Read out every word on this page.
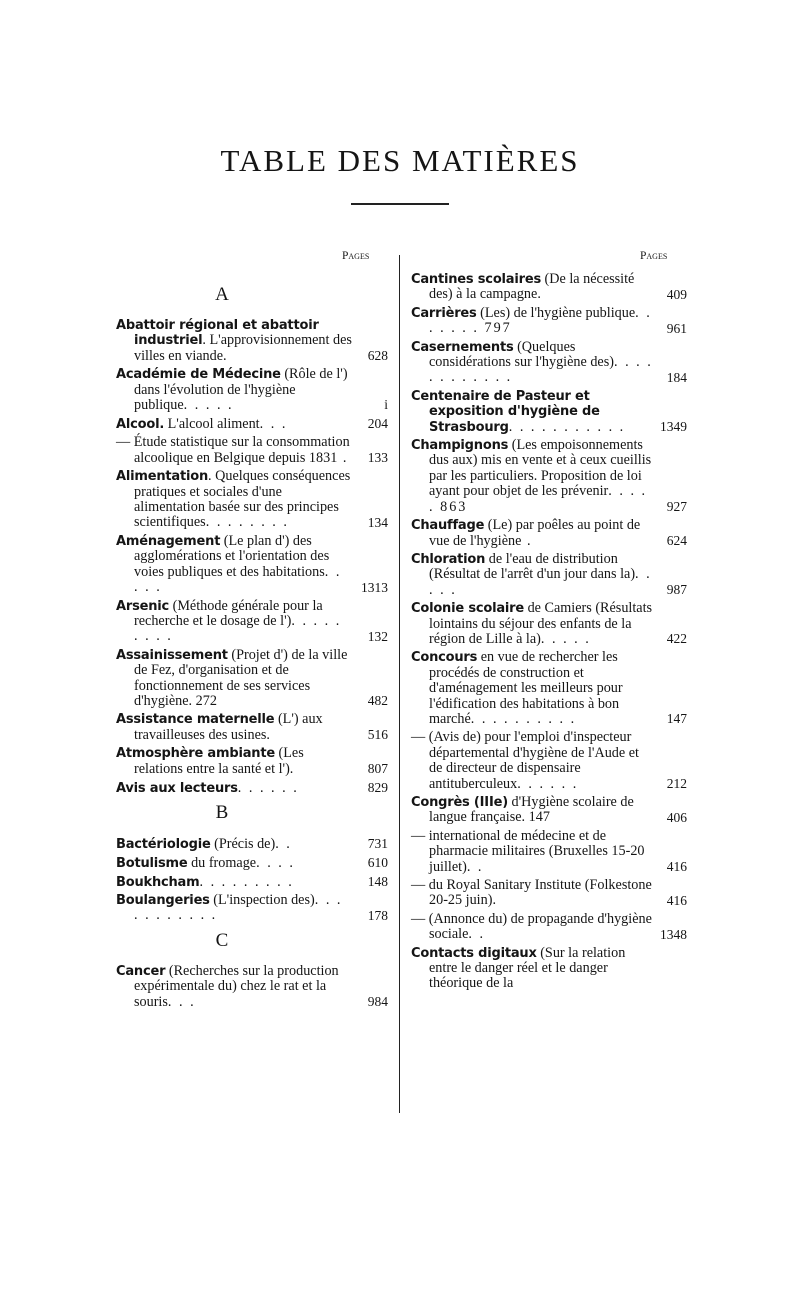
TABLE DES MATIÈRES
Pages	Pages
A
Abattoir régional et abattoir industriel. L'approvisionnement des villes en viande.	628
Académie de Médecine (Rôle de l') dans l'évolution de l'hygiène publique. . . . .	i
Alcool. L'alcool aliment. . .	204
— Étude statistique sur la consommation alcoolique en Belgique depuis 1831 .	133
Alimentation. Quelques conséquences pratiques et sociales d'une alimentation basée sur des principes scientifiques. . . . . . . .	134
Aménagement (Le plan d') des agglomérations et l'orientation des voies publiques et des habitations. . . . .	1313
Arsenic (Méthode générale pour la recherche et le dosage de l'). . . . . . . . .	132
Assainissement (Projet d') de la ville de Fez, d'organisation et de fonctionnement de ses services d'hygiène. 272	482
Assistance maternelle (L') aux travailleuses des usines.	516
Atmosphère ambiante (Les relations entre la santé et l').	807
Avis aux lecteurs. . . . . .	829
B
Bactériologie (Précis de). .	731
Botulisme du fromage. . . .	610
Boukhcham. . . . . . . . .	148
Boulangeries (L'inspection des). . . . . . . . . . .	178
C
Cancer (Recherches sur la production expérimentale du) chez le rat et la souris. . .	984
Cantines scolaires (De la nécessité des) à la campagne.	409
Carrières (Les) de l'hygiène publique. . . . . . . 797	961
Casernements (Quelques considérations sur l'hygiène des). . . . . . . . . . . .	184
Centenaire de Pasteur et exposition d'hygiène de Strasbourg. . . . . . . . . . .	1349
Champignons (Les empoisonnements dus aux) mis en vente et à ceux cueillis par les particuliers. Proposition de loi ayant pour objet de les prévenir. . . . . 863	927
Chauffage (Le) par poêles au point de vue de l'hygiène .	624
Chloration de l'eau de distribution (Résultat de l'arrêt d'un jour dans la). . . . .	987
Colonie scolaire de Camiers (Résultats lointains du séjour des enfants de la région de Lille à la). . . . .	422
Concours en vue de rechercher les procédés de construction et d'aménagement les meilleurs pour l'édification des habitations à bon marché. . . . . . . . . .	147
— (Avis de) pour l'emploi d'inspecteur départemental d'hygiène de l'Aude et de directeur de dispensaire antituberculeux. . . . . .	212
Congrès (IIIe) d'Hygiène scolaire de langue française. 147	406
— international de médecine et de pharmacie militaires (Bruxelles 15-20 juillet). .	416
— du Royal Sanitary Institute (Folkestone 20-25 juin).	416
— (Annonce du) de propagande d'hygiène sociale. .	1348
Contacts digitaux (Sur la relation entre le danger réel et le danger théorique de la
